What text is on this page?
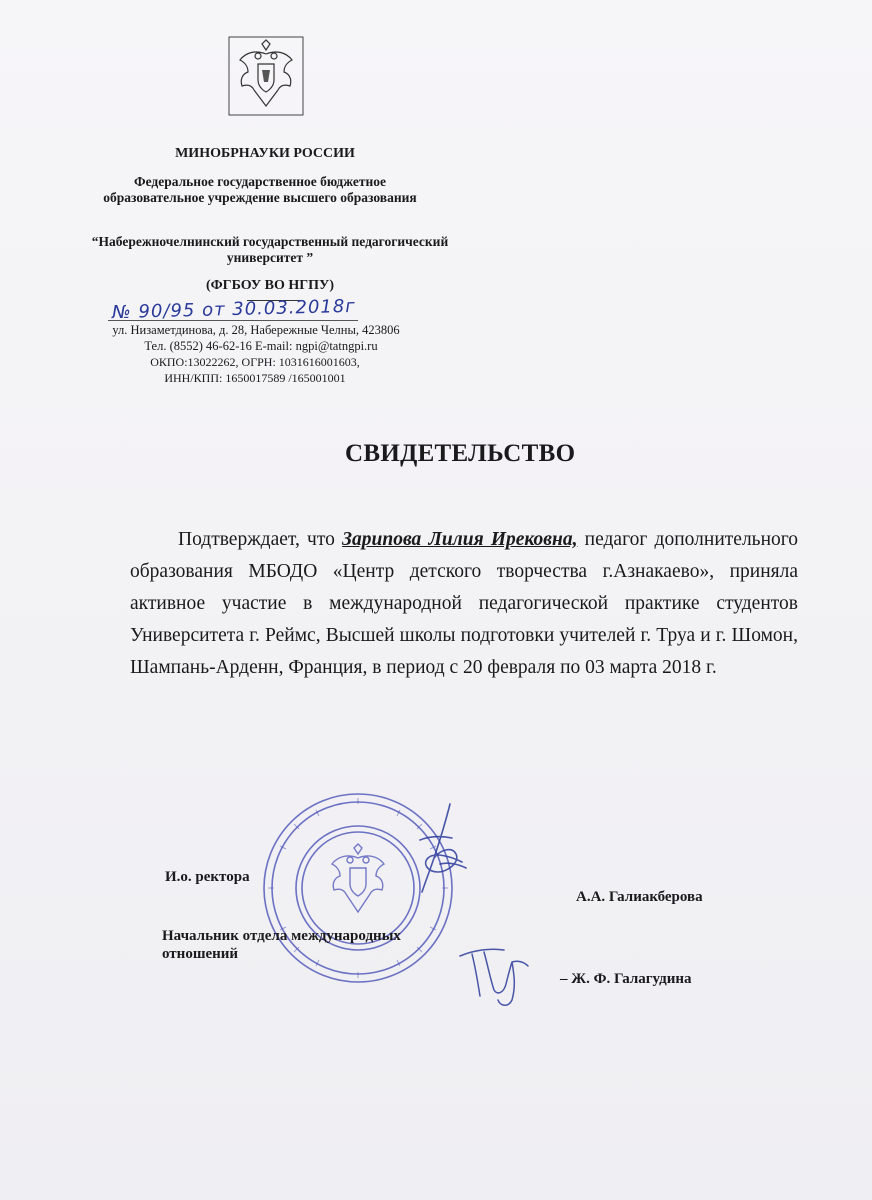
МИНОБРНАУКИ РОССИИ
Федеральное государственное бюджетное образовательное учреждение высшего образования
“Набережночелнинский государственный педагогический университет ”
(ФГБОУ ВО НГПУ)
№ 90/95 от 30.03.2018г
ул. Низаметдинова, д. 28, Набережные Челны, 423806
Тел. (8552) 46-62-16 E-mail: ngpi@tatngpi.ru
ОКПО:13022262, ОГРН: 1031616001603,
ИНН/КПП: 1650017589 /165001001
СВИДЕТЕЛЬСТВО
Подтверждает, что Зарипова Лилия Ирековна, педагог дополнительного образования МБОДО «Центр детского творчества г.Азнакаево», приняла активное участие в международной педагогической практике студентов Университета г. Реймс, Высшей школы подготовки учителей г. Труа и г. Шомон, Шампань-Арденн, Франция, в период с 20 февраля по 03 марта 2018 г.
И.о. ректора
А.А. Галиакберова
Начальник отдела международных отношений
– Ж. Ф. Галагудина
